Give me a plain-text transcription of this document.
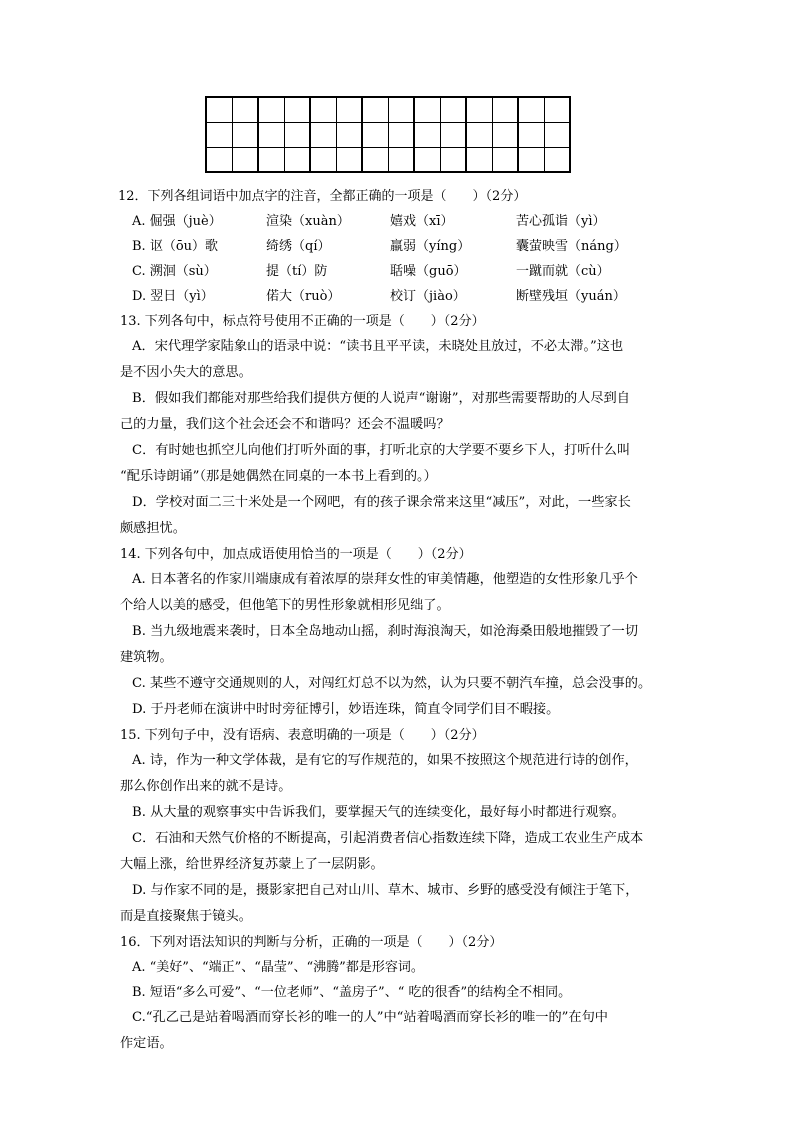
12．下列各组词语中加点字的注音，全都正确的一项是（　　）（2分）
A. 倔强（juè）	渲染（xuàn）	嬉戏（xī）	苦心孤诣（yì）
B. 讴（ōu）歌	绮绣（qí）	羸弱（yíng）	囊萤映雪（náng）
C. 溯洄（sù）	提（tí）防	聒噪（guō）	一蹴而就（cù）
D. 翌日（yì）	偌大（ruò）	校订（jiào）	断壁残垣（yuán）
13. 下列各句中，标点符号使用不正确的一项是（　　）（2分）

A．宋代理学家陆象山的语录中说：“读书且平平读，未晓处且放过，不必太滞。”这也

是不因小失大的意思。

B．假如我们都能对那些给我们提供方便的人说声“谢谢”，对那些需要帮助的人尽到自

己的力量，我们这个社会还会不和谐吗？还会不温暖吗？

C．有时她也抓空儿向他们打听外面的事，打听北京的大学要不要乡下人，打听什么叫

“配乐诗朗诵”（那是她偶然在同桌的一本书上看到的。）

D．学校对面二三十米处是一个网吧，有的孩子课余常来这里“减压”，对此，一些家长

颇感担忧。

14. 下列各句中，加点成语使用恰当的一项是（　　）（2分）

A. 日本著名的作家川端康成有着浓厚的崇拜女性的审美情趣，他塑造的女性形象几乎个

个给人以美的感受，但他笔下的男性形象就相形见绌了。

B. 当九级地震来袭时，日本全岛地动山摇，刹时海浪淘天，如沧海桑田般地摧毁了一切

建筑物。

C. 某些不遵守交通规则的人，对闯红灯总不以为然，认为只要不朝汽车撞，总会没事的。

D. 于丹老师在演讲中时时旁征博引，妙语连珠，简直令同学们目不暇接。

15. 下列句子中，没有语病、表意明确的一项是（　　）（2分）

A. 诗，作为一种文学体裁，是有它的写作规范的，如果不按照这个规范进行诗的创作，

那么你创作出来的就不是诗。

B. 从大量的观察事实中告诉我们，要掌握天气的连续变化，最好每小时都进行观察。

C．石油和天然气价格的不断提高，引起消费者信心指数连续下降，造成工农业生产成本

大幅上涨，给世界经济复苏蒙上了一层阴影。

D. 与作家不同的是，摄影家把自己对山川、草木、城市、乡野的感受没有倾注于笔下，

而是直接聚焦于镜头。

16．下列对语法知识的判断与分析，正确的一项是（　　）（2分）
A. “美好”、“端正”、“晶莹”、“沸腾”都是形容词。
B. 短语“多么可爱”、“一位老师”、“盖房子”、“ 吃的很香”的结构全不相同。

C.“孔乙己是站着喝酒而穿长衫的唯一的人”中“站着喝酒而穿长衫的唯一的”在句中

作定语。
